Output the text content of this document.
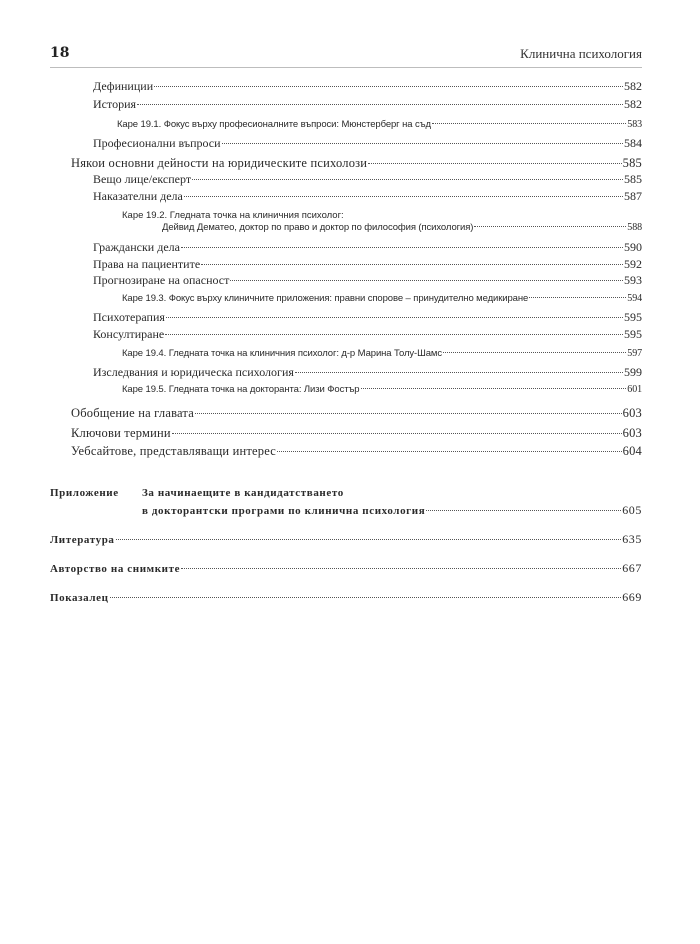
18	Клинична психология
Дефиниции	582
История	582
Каре 19.1. Фокус върху професионалните въпроси: Мюнстерберг на съд	583
Професионални въпроси	584
Някои основни дейности на юридическите психолози	585
Вещо лице/експерт	585
Наказателни дела	587
Каре 19.2. Гледната точка на клиничния психолог:
Дейвид Дематео, доктор по право и доктор по философия (психология)	588
Граждански дела	590
Права на пациентите	592
Прогнозиране на опасност	593
Каре 19.3. Фокус върху клиничните приложения: правни спорове – принудително медикиране	594
Психотерапия	595
Консултиране	595
Каре 19.4. Гледната точка на клиничния психолог: д-р Марина Толу-Шамс	597
Изследвания и юридическа психология	599
Каре 19.5. Гледната точка на докторанта: Лизи Фостър	601
Обобщение на главата	603
Ключови термини	603
Уебсайтове, представляващи интерес	604
Приложение За начинаещите в кандидатстването
в докторантски програми по клинична психология	605
Литература	635
Авторство на снимките	667
Показалец	669
